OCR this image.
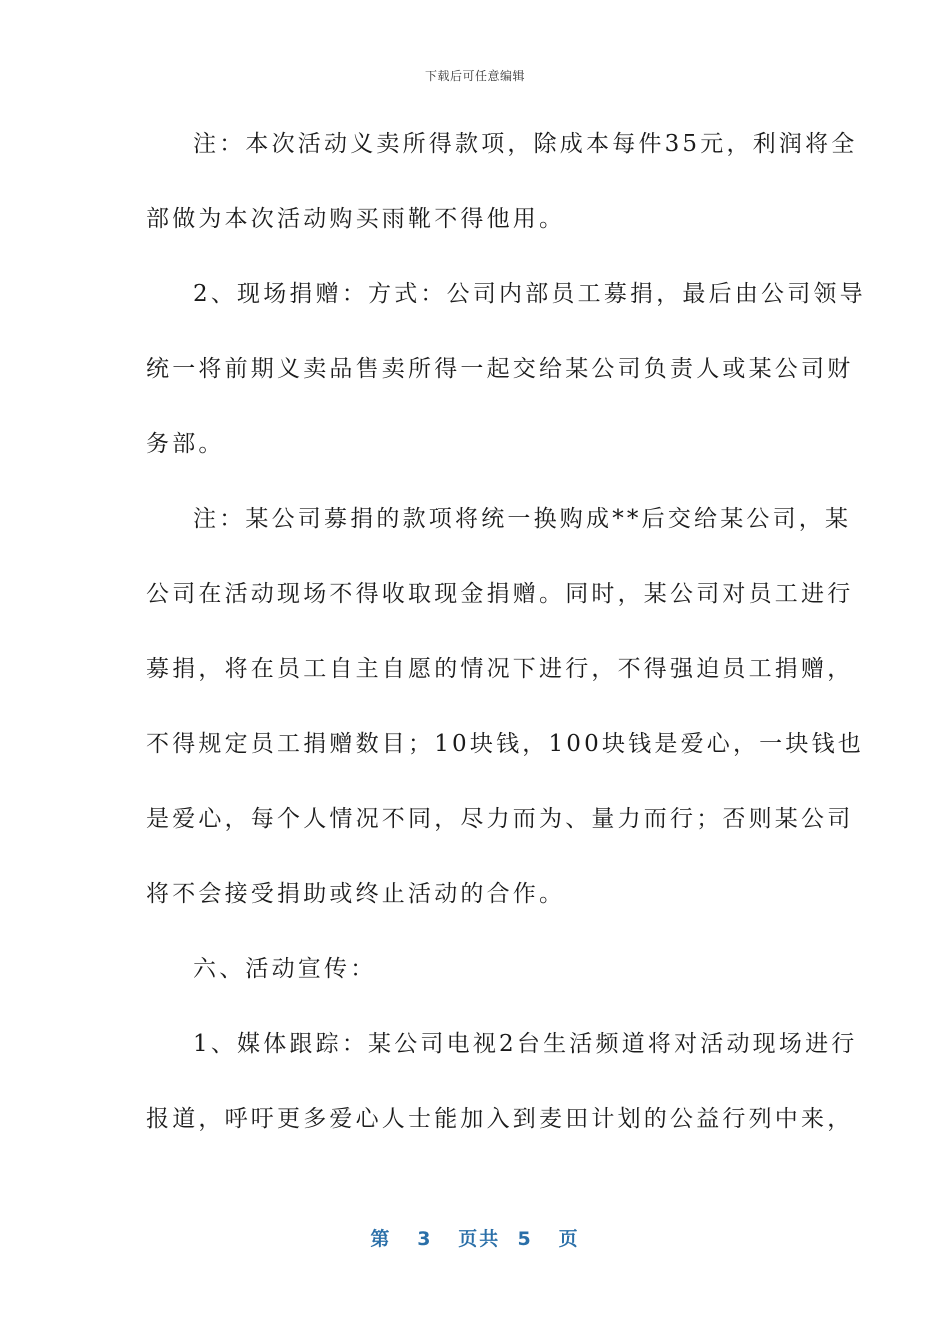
下载后可任意编辑
注：本次活动义卖所得款项，除成本每件35元，利润将全
部做为本次活动购买雨靴不得他用。
2、现场捐赠：方式：公司内部员工募捐，最后由公司领导
统一将前期义卖品售卖所得一起交给某公司负责人或某公司财
务部。
注：某公司募捐的款项将统一换购成**后交给某公司，某
公司在活动现场不得收取现金捐赠。同时，某公司对员工进行
募捐，将在员工自主自愿的情况下进行，不得强迫员工捐赠，
不得规定员工捐赠数目；10块钱，100块钱是爱心，一块钱也
是爱心，每个人情况不同，尽力而为、量力而行；否则某公司
将不会接受捐助或终止活动的合作。
六、活动宣传：
1、媒体跟踪：某公司电视2台生活频道将对活动现场进行
报道，呼吁更多爱心人士能加入到麦田计划的公益行列中来，
第 3 页共 5 页
